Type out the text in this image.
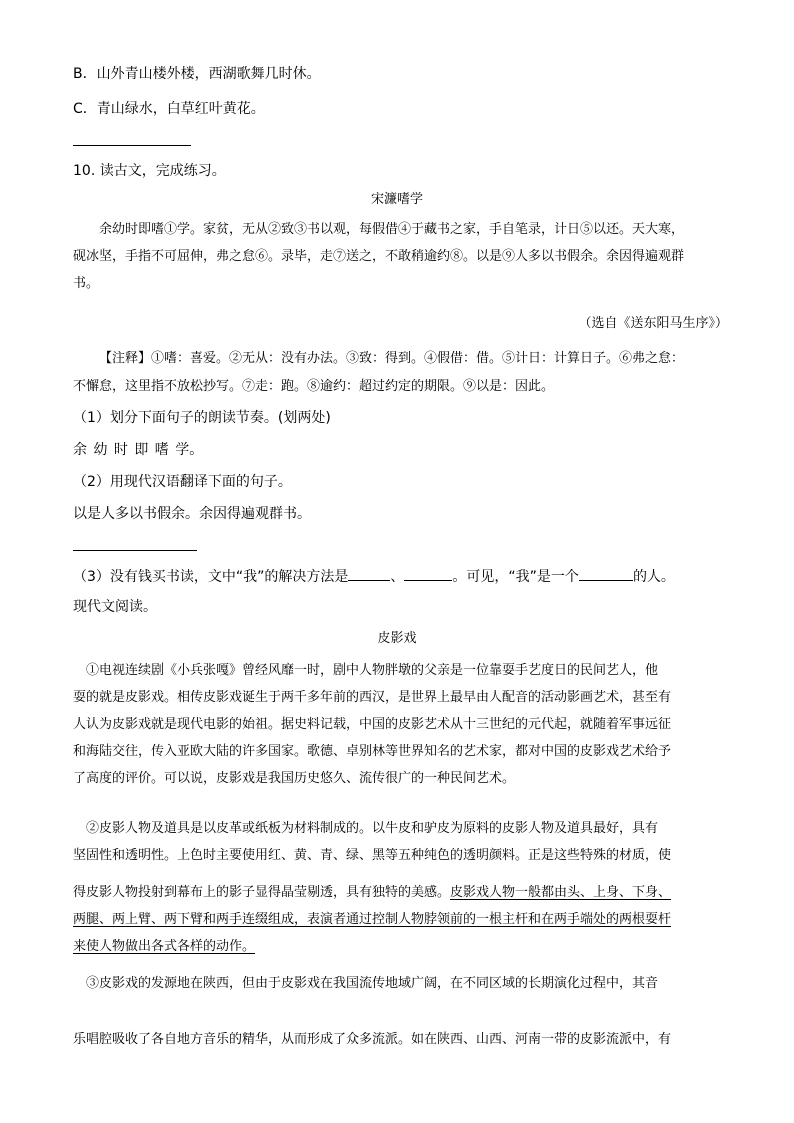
B．山外青山楼外楼，西湖歌舞几时休。
C．青山绿水，白草红叶黄花。
10. 读古文，完成练习。
宋濂嗜学
余幼时即嗜①学。家贫，无从②致③书以观，每假借④于藏书之家，手自笔录，计日⑤以还。天大寒，
砚冰坚，手指不可屈伸，弗之怠⑥。录毕，走⑦送之，不敢稍逾约⑧。以是⑨人多以书假余。余因得遍观群
书。
（选自《送东阳马生序》）
【注释】①嗜：喜爱。②无从：没有办法。③致：得到。④假借：借。⑤计日：计算日子。⑥弗之怠：
不懈怠，这里指不放松抄写。⑦走：跑。⑧逾约：超过约定的期限。⑨以是：因此。
（1）划分下面句子的朗读节奏。(划两处)
余 幼 时 即 嗜 学。
（2）用现代汉语翻译下面的句子。
以是人多以书假余。余因得遍观群书。
（3）没有钱买书读，文中“我”的解决方法是	、	。可见，“我”是一个	的人。
现代文阅读。
皮影戏
①电视连续剧《小兵张嘎》曾经风靡一时，剧中人物胖墩的父亲是一位靠耍手艺度日的民间艺人，他
耍的就是皮影戏。相传皮影戏诞生于两千多年前的西汉，是世界上最早由人配音的活动影画艺术，甚至有
人认为皮影戏就是现代电影的始祖。据史料记载，中国的皮影艺术从十三世纪的元代起，就随着军事远征
和海陆交往，传入亚欧大陆的许多国家。歌德、卓别林等世界知名的艺术家，都对中国的皮影戏艺术给予
了高度的评价。可以说，皮影戏是我国历史悠久、流传很广的一种民间艺术。
②皮影人物及道具是以皮革或纸板为材料制成的。以牛皮和驴皮为原料的皮影人物及道具最好，具有
坚固性和透明性。上色时主要使用红、黄、青、绿、黑等五种纯色的透明颜料。正是这些特殊的材质，使
得皮影人物投射到幕布上的影子显得晶莹剔透，具有独特的美感。皮影戏人物一般都由头、上身、下身、
两腿、两上臂、两下臂和两手连缀组成，表演者通过控制人物脖领前的一根主杆和在两手端处的两根耍杆
来使人物做出各式各样的动作。
③皮影戏的发源地在陕西，但由于皮影戏在我国流传地域广阔，在不同区域的长期演化过程中，其音
乐唱腔吸收了各自地方音乐的精华，从而形成了众多流派。如在陕西、山西、河南一带的皮影流派中，有
